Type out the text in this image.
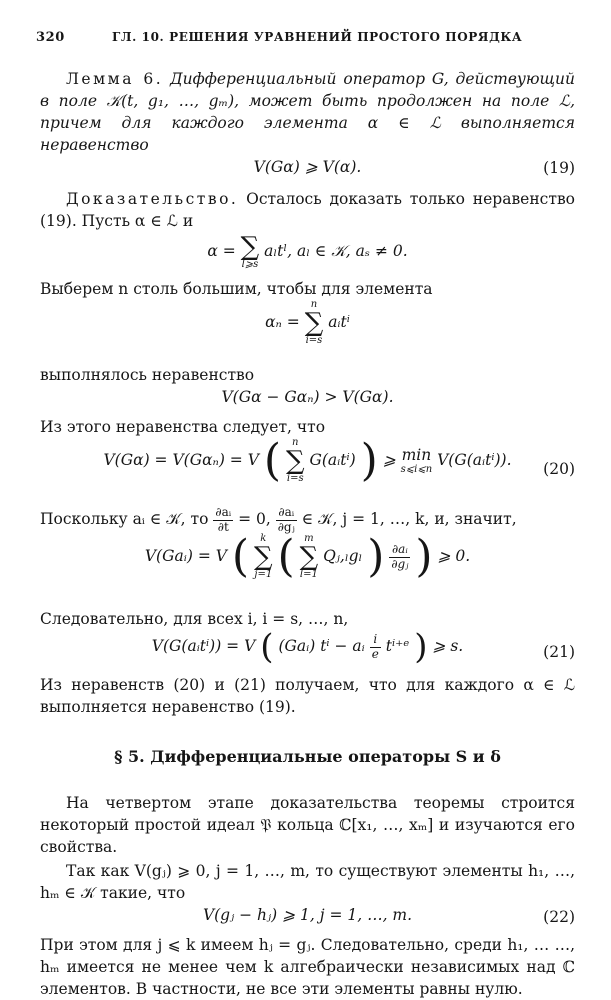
320	ГЛ. 10. РЕШЕНИЯ УРАВНЕНИЙ ПРОСТОГО ПОРЯДКА

Лемма 6. Дифференциальный оператор G, действующий в поле 𝒦(t, g₁, …, gₘ), может быть продолжен на поле ℒ, причем для каждого элемента α ∈ ℒ выполняется неравенство

V(Gα) ⩾ V(α).	(19)

Доказательство. Осталось доказать только неравенство (19). Пусть α ∈ ℒ и

α = ∑
l⩾s
aₗtˡ, aₗ ∈ 𝒦, aₛ ≠ 0.

Выберем n столь большим, чтобы для элемента

αₙ =
n
∑
i=s
aᵢtⁱ

выполнялось неравенство

V(Gα − Gαₙ) > V(Gα).

Из этого неравенства следует, что

V(Gα) = V(Gαₙ) = V (	n
∑
i=s
G(aᵢtⁱ) ) ⩾ min
s⩽i⩽n
V(G(aᵢtⁱ)). (20)

Поскольку aᵢ ∈ 𝒦, то $\frac{\text{∂aᵢ}}{\partial t} = 0$, $\frac{\text{∂aᵢ}}{\text{∂gⱼ}}$ ∈ 𝒦, j = 1, …, k, и, значит,

V(Gaᵢ) = V (	k
∑
j=1 ( m
∑
l=1
Qⱼ,ₗgₗ ) $\frac{\text{∂aᵢ}}{\text{∂gⱼ}}$ ) ⩾ 0.

Следовательно, для всех i, i = s, …, n,

V(G(aᵢtⁱ)) = V ( (Gaᵢ) tⁱ − aᵢ $\frac{i}{e}$ tⁱ⁺ᵉ ) ⩾ s.	(21)

Из неравенств (20) и (21) получаем, что для каждого α ∈ ℒ выполняется неравенство (19).

§ 5. Дифференциальные операторы S и δ

На четвертом этапе доказательства теоремы строится некоторый простой идеал 𝔓 кольца ℂ[x₁, …, xₘ] и изучаются его свойства.

Так как V(gⱼ) ⩾ 0, j = 1, …, m, то существуют элементы h₁, …, hₘ ∈ 𝒦 такие, что

V(gⱼ − hⱼ) ⩾ 1, j = 1, …, m.	(22)

При этом для j ⩽ k имеем hⱼ = gⱼ. Следовательно, среди h₁, … …, hₘ имеется не менее чем k алгебраически независимых над ℂ элементов. В частности, не все эти элементы равны нулю.
